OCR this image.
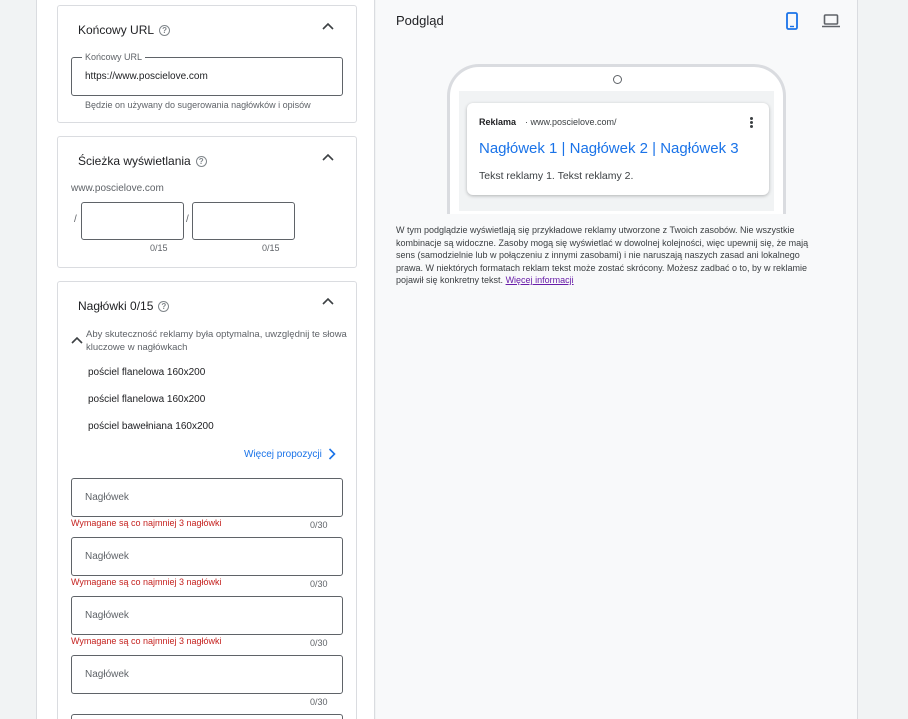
Końcowy URL	?
Końcowy URL
https://www.poscielove.com
Będzie on używany do sugerowania nagłówków i opisów
Ścieżka wyświetlania	?
www.poscielove.com
/	/
0/15	0/15
Nagłówki 0/15	?
Aby skuteczność reklamy była optymalna, uwzględnij te słowa kluczowe w nagłówkach
pościel flanelowa 160x200
pościel flanelowa 160x200
pościel bawełniana 160x200
Więcej propozycji
Nagłówek
Wymagane są co najmniej 3 nagłówki	0/30
Nagłówek
Wymagane są co najmniej 3 nagłówki	0/30
Nagłówek
Wymagane są co najmniej 3 nagłówki	0/30
Nagłówek
0/30
Podgląd
Reklama · www.poscielove.com/
Nagłówek 1 | Nagłówek 2 | Nagłówek 3
Tekst reklamy 1. Tekst reklamy 2.
W tym podglądzie wyświetlają się przykładowe reklamy utworzone z Twoich zasobów. Nie wszystkie kombinacje są widoczne. Zasoby mogą się wyświetlać w dowolnej kolejności, więc upewnij się, że mają sens (samodzielnie lub w połączeniu z innymi zasobami) i nie naruszają naszych zasad ani lokalnego prawa. W niektórych formatach reklam tekst może zostać skrócony. Możesz zadbać o to, by w reklamie pojawił się konkretny tekst. Więcej informacji
